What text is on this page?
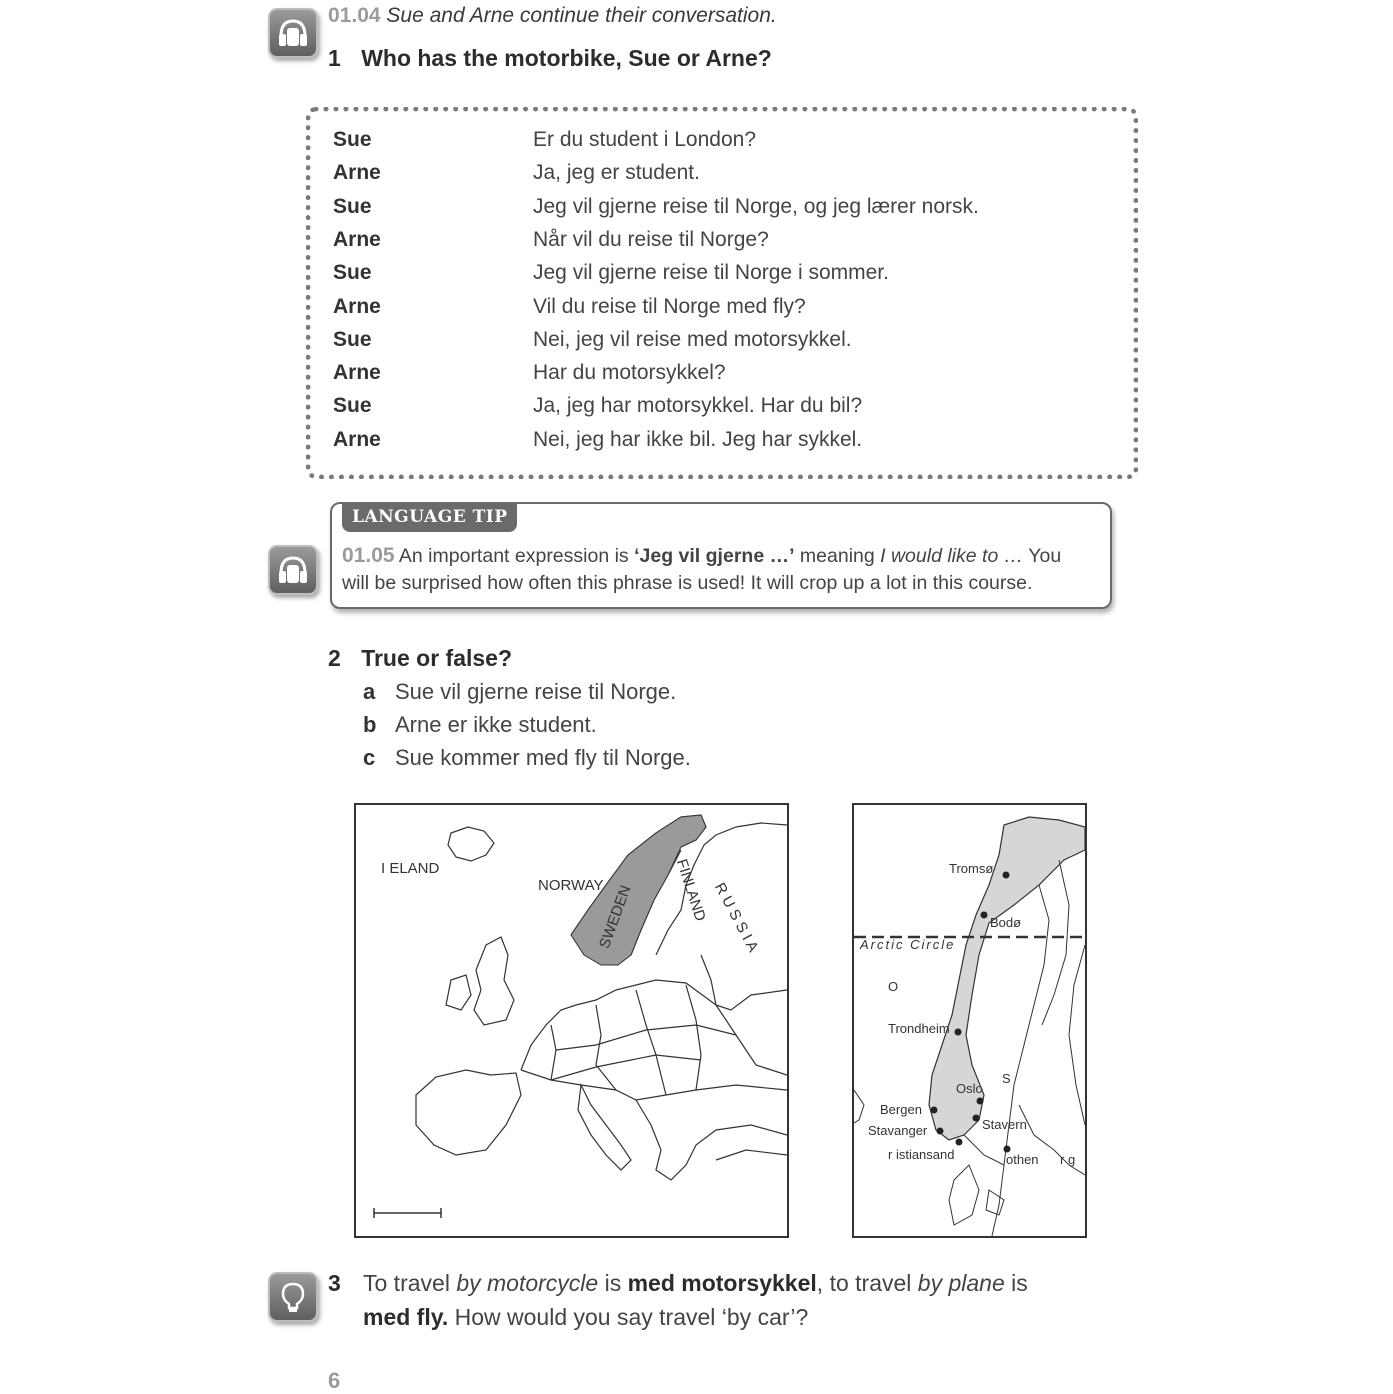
01.04 Sue and Arne continue their conversation.
1 Who has the motorbike, Sue or Arne?
Sue	Er du student i London?
Arne	Ja, jeg er student.
Sue	Jeg vil gjerne reise til Norge, og jeg lærer norsk.
Arne	Når vil du reise til Norge?
Sue	Jeg vil gjerne reise til Norge i sommer.
Arne	Vil du reise til Norge med fly?
Sue	Nei, jeg vil reise med motorsykkel.
Arne	Har du motorsykkel?
Sue	Ja, jeg har motorsykkel. Har du bil?
Arne	Nei, jeg har ikke bil. Jeg har sykkel.
LANGUAGE TIP
01.05 An important expression is ‘Jeg vil gjerne …’ meaning I would like to … You will be surprised how often this phrase is used! It will crop up a lot in this course.
2 True or false?
a Sue vil gjerne reise til Norge.
b Arne er ikke student.
c Sue kommer med fly til Norge.
I ELAND
NORWAY
SWEDEN	FINLAND R U S S I A	Arctic Circle
Tromsø
Bodø
Trondheim
Oslo
Bergen
Stavanger	Stavern
r istiansand	othen r g
O
S
3 To travel by motorcycle is med motorsykkel, to travel by plane is
med fly. How would you say travel ‘by car’?
6
